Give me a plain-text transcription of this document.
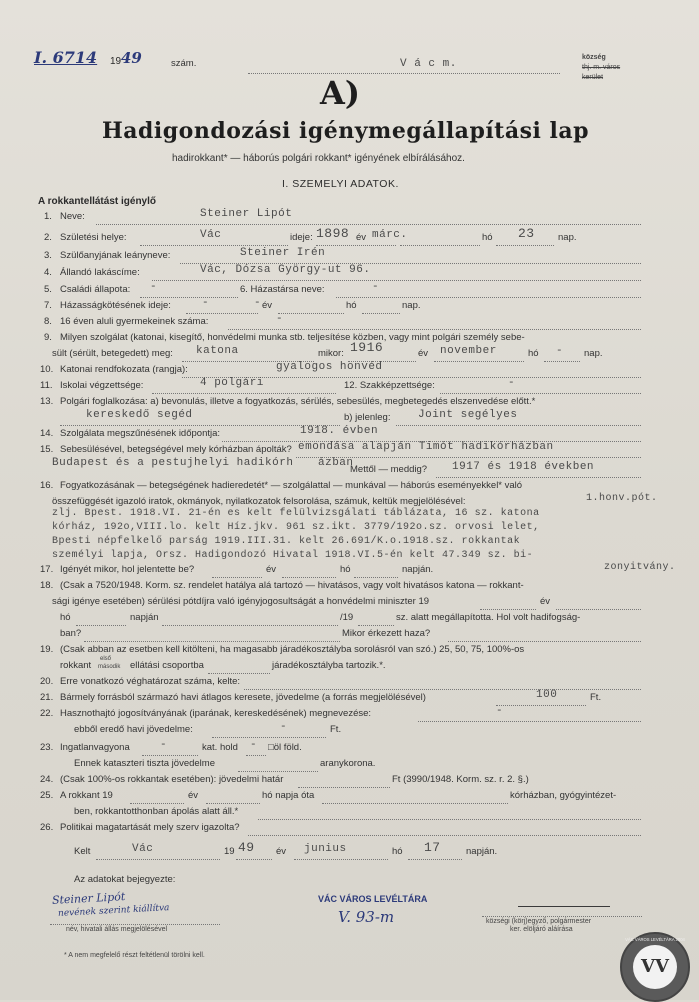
I. 6714 19 49	szám.	V á c m.
község
thj. m. város
kerület
A)
Hadigondozási igénymegállapítási lap
hadirokkant* — háborús polgári rokkant* igényének elbírálásához.
I. SZEMELYI ADATOK.
A rokkantellátást igénylő
1. Neve:	Steiner Lipót
2. Születési helye:	Vác	ideje: 1898 év márc.	hó 23 nap.
3. Szülőanyjának leányneve:	Steiner Irén
4. Állandó lakáscíme:	Vác, Dózsa György-ut 96.
5. Családi állapota: -	6. Házastársa neve:	-
7. Házasságkötésének ideje:	-	év
-	hó	nap.
8. 16 éven aluli gyermekeinek száma:	-
9. Milyen szolgálat (katonai, kisegítő, honvédelmi munka stb. teljesítése közben, vagy mint polgári személy sebe-
sült (sérült, betegedett) meg: katona	mikor: 1916	év november	hó - nap.
10. Katonai rendfokozata (rangja):	gyalogos honvéd
11. Iskolai végzettsége:	4 polgári	12. Szakképzettsége:	-
13. Polgári foglalkozása: a) bevonulás, illetve a fogyatkozás, sérülés, sebesülés, megbetegedés elszenvedése előtt.*
kereskedő segéd	b) jelenleg:	Joint segélyes
14. Szolgálata megszűnésének időpontja:	1918. évben
15. Sebesülésével, betegségével mely kórházban ápolták? emondása alapján Timót hadikórházban
Budapest és a pestujhelyi hadikórh ázban
Mettől — meddig? 1917 és 1918 években
16. Fogyatkozásának — betegségének hadieredetét* — szolgálattal — munkával — háborús eseményekkel* való
összefüggését igazoló iratok, okmányok, nyilatkozatok felsorolása, számuk, keltük megjelölésével:	1.honv.pót.
zlj. Bpest. 1918.VI. 21-én es kelt felülvizsgálati táblázata, 16 sz. katona
kórház, 192o,VIII.lo. kelt Híz.jkv. 961 sz.ikt. 3779/192o.sz. orvosi lelet,
Bpesti népfelkelő parság 1919.III.31. kelt 26.691/K.o.1918.sz. rokkantak
személyi lapja, Orsz. Hadigondozó Hivatal 1918.VI.5-én kelt 47.349 sz. bi-
zonyitvány.
17. Igényét mikor, hol jelentette be?	év	hó	napján.
18. (Csak a 7520/1948. Korm. sz. rendelet hatálya alá tartozó — hivatásos, vagy volt hivatásos katona — rokkant-
sági igénye esetében) sérülési pótdíjra való igényjogosultságát a honvédelmi miniszter 19	év
hó	napján	/19	sz. alatt megállapította. Hol volt hadifogság-
ban?	Mikor érkezett haza?
19. (Csak abban az esetben kell kitölteni, ha magasabb járadékosztályba sorolásról van szó.) 25, 50, 75, 100%-os
rokkant
első
második ellátási csoportba	járadékosztályba tartozik.*.
20. Erre vonatkozó véghatározat száma, kelte:
21. Bármely forrásból származó havi átlagos keresete, jövedelme (a forrás megjelölésével)	100	Ft.
22. Hasznothajtó jogosítványának (iparának, kereskedésének) megnevezése:	-
ebből eredő havi jövedelme:	-	Ft.
23. Ingatlanvagyona	-	kat. hold - □öl föld.
Ennek kataszteri tiszta jövedelme	aranykorona.
24. (Csak 100%-os rokkantak esetében): jövedelmi határ	Ft (3990/1948. Korm. sz. r. 2. §.)
25. A rokkant 19	év	hó napja óta	kórházban, gyógyintézet-
ben, rokkantotthonban ápolás alatt áll.*
26. Politikai magatartását mely szerv igazolta?
Kelt	Vác	19 49 év junius	hó 17	napján.
Az adatokat bejegyezte:
Steiner Lipót
nevének szerint kiállítva
név, hivatali állás megjelölésével
VÁC VÁROS LEVÉLTÁRA
V. 93-m	községi (körj)egyző, polgármester
ker. elöljáró aláírása
* A nem megfelelő részt feltétlenül törölni kell.
VV
VÁC VÁROS LEVÉLTÁRA 2004
